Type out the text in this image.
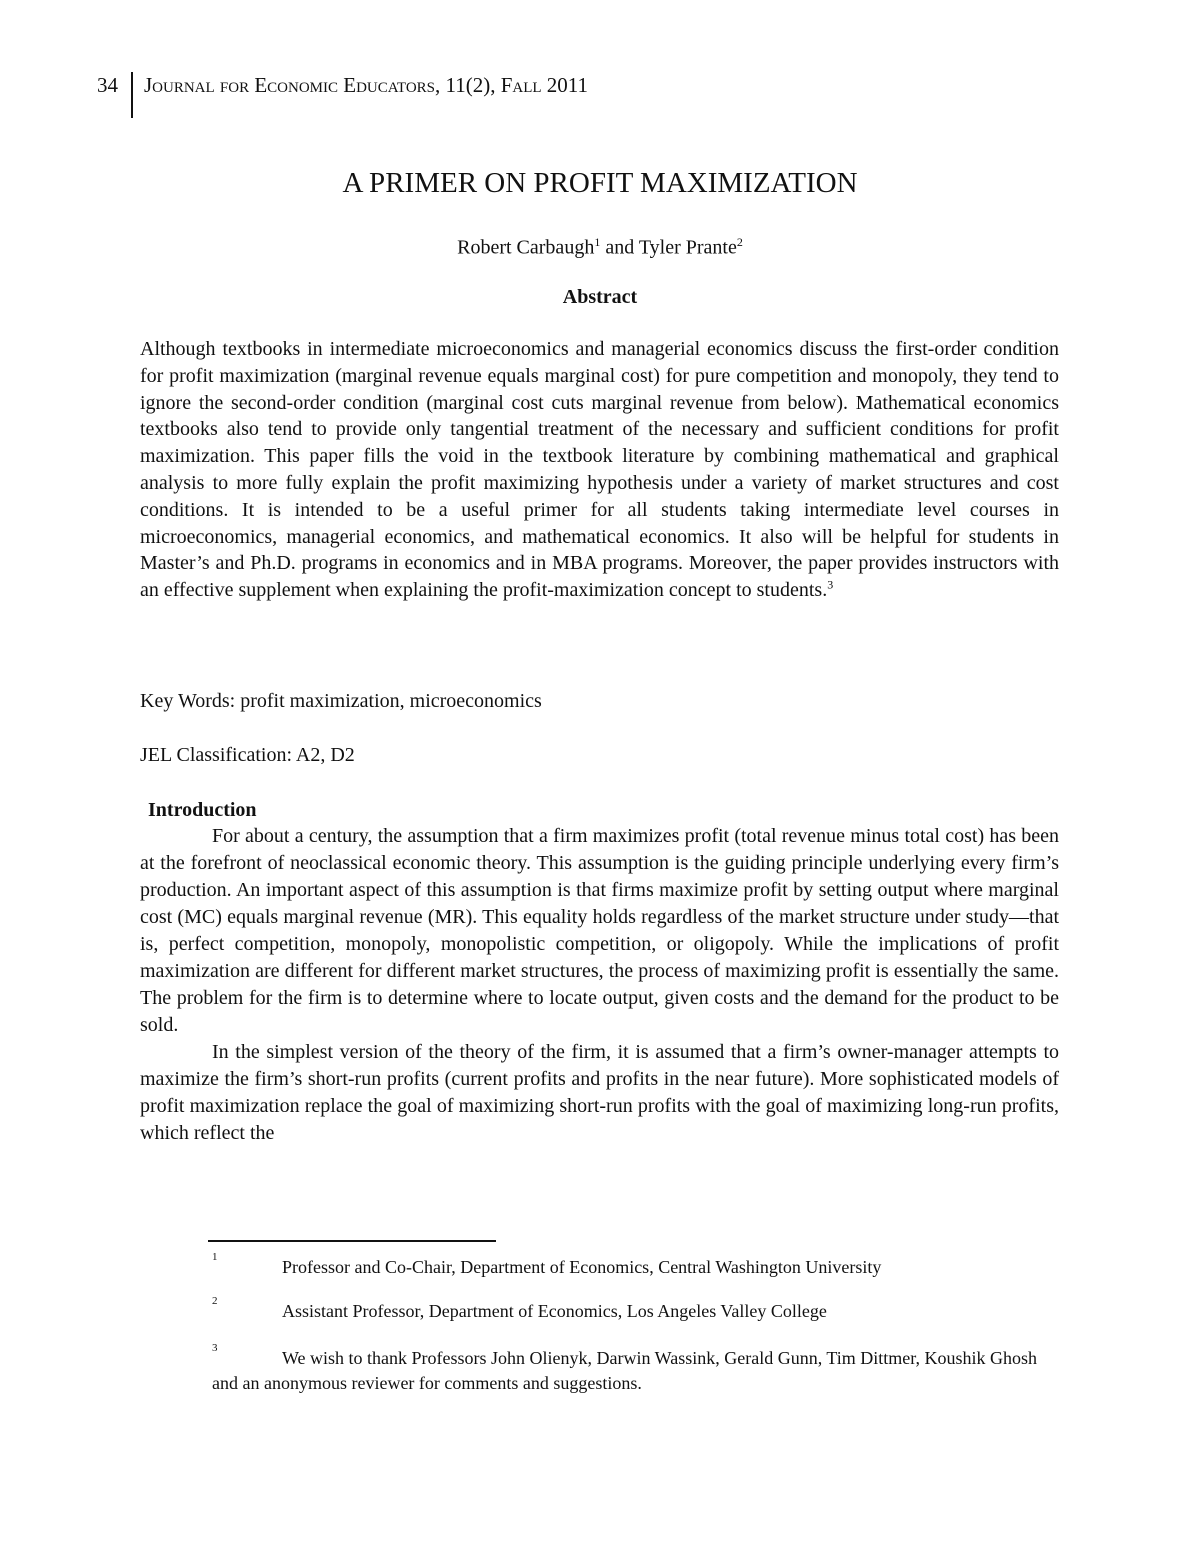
34 Journal for Economic Educators, 11(2), Fall 2011
A PRIMER ON PROFIT MAXIMIZATION
Robert Carbaugh$^1$ and Tyler Prante$^2$
Abstract
Although textbooks in intermediate microeconomics and managerial economics discuss the first-order condition for profit maximization (marginal revenue equals marginal cost) for pure competition and monopoly, they tend to ignore the second-order condition (marginal cost cuts marginal revenue from below). Mathematical economics textbooks also tend to provide only tangential treatment of the necessary and sufficient conditions for profit maximization. This paper fills the void in the textbook literature by combining mathematical and graphical analysis to more fully explain the profit maximizing hypothesis under a variety of market structures and cost conditions. It is intended to be a useful primer for all students taking intermediate level courses in microeconomics, managerial economics, and mathematical economics. It also will be helpful for students in Master’s and Ph.D. programs in economics and in MBA programs. Moreover, the paper provides instructors with an effective supplement when explaining the profit-maximization concept to students.$^3$
Key Words: profit maximization, microeconomics
JEL Classification: A2, D2
Introduction

For about a century, the assumption that a firm maximizes profit (total revenue minus total cost) has been at the forefront of neoclassical economic theory. This assumption is the guiding principle underlying every firm’s production. An important aspect of this assumption is that firms maximize profit by setting output where marginal cost (MC) equals marginal revenue (MR). This equality holds regardless of the market structure under study—that is, perfect competition, monopoly, monopolistic competition, or oligopoly. While the implications of profit maximization are different for different market structures, the process of maximizing profit is essentially the same. The problem for the firm is to determine where to locate output, given costs and the demand for the product to be sold.

In the simplest version of the theory of the firm, it is assumed that a firm’s owner-manager attempts to maximize the firm’s short-run profits (current profits and profits in the near future). More sophisticated models of profit maximization replace the goal of maximizing short-run profits with the goal of maximizing long-run profits, which reflect the

1	Professor and Co-Chair, Department of Economics, Central Washington University
2	Assistant Professor, Department of Economics, Los Angeles Valley College
3	We wish to thank Professors John Olienyk, Darwin Wassink, Gerald Gunn, Tim Dittmer, Koushik Ghosh and an anonymous reviewer for comments and suggestions.
